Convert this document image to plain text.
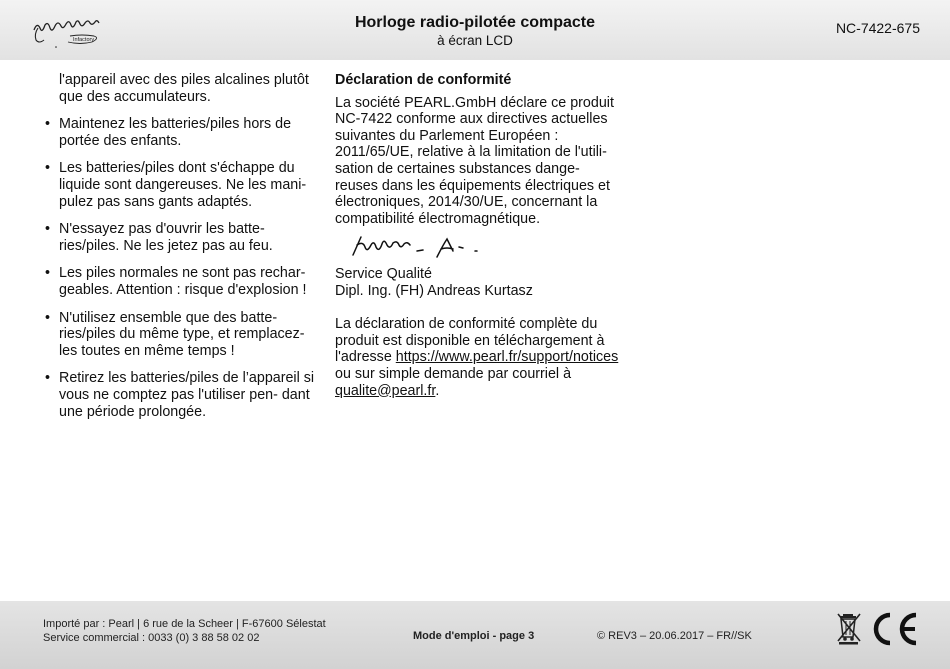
Infactory
Horloge radio-pilotée compacte
à écran LCD
NC-7422-675

l'appareil avec des piles alcalines plutôt que des accumulateurs.

• Maintenez les batteries/piles hors de portée des enfants.
• Les batteries/piles dont s'échappe du liquide sont dangereuses. Ne les mani- pulez pas sans gants adaptés.
• N'essayez pas d'ouvrir les batte- ries/piles. Ne les jetez pas au feu.
• Les piles normales ne sont pas rechar- geables. Attention : risque d'explosion !
• N'utilisez ensemble que des batte- ries/piles du même type, et remplacez- les toutes en même temps !
• Retirez les batteries/piles de l’appareil si vous ne comptez pas l'utiliser pen- dant une période prolongée.

Déclaration de conformité

La société PEARL.GmbH déclare ce produit NC-7422 conforme aux directives actuelles suivantes du Parlement Européen : 2011/65/UE, relative à la limitation de l'utili- sation de certaines substances dange- reuses dans les équipements électriques et électroniques, 2014/30/UE, concernant la compatibilité électromagnétique.

Service Qualité

Dipl. Ing. (FH) Andreas Kurtasz

La déclaration de conformité complète du produit est disponible en téléchargement à l'adresse https://www.pearl.fr/support/notices ou sur simple demande par courriel à qualite@pearl.fr.

Importé par : Pearl | 6 rue de la Scheer | F-67600 Sélestat
Service commercial : 0033 (0) 3 88 58 02 02	Mode d'emploi - page 3	© REV3 – 20.06.2017 – FR//SK
